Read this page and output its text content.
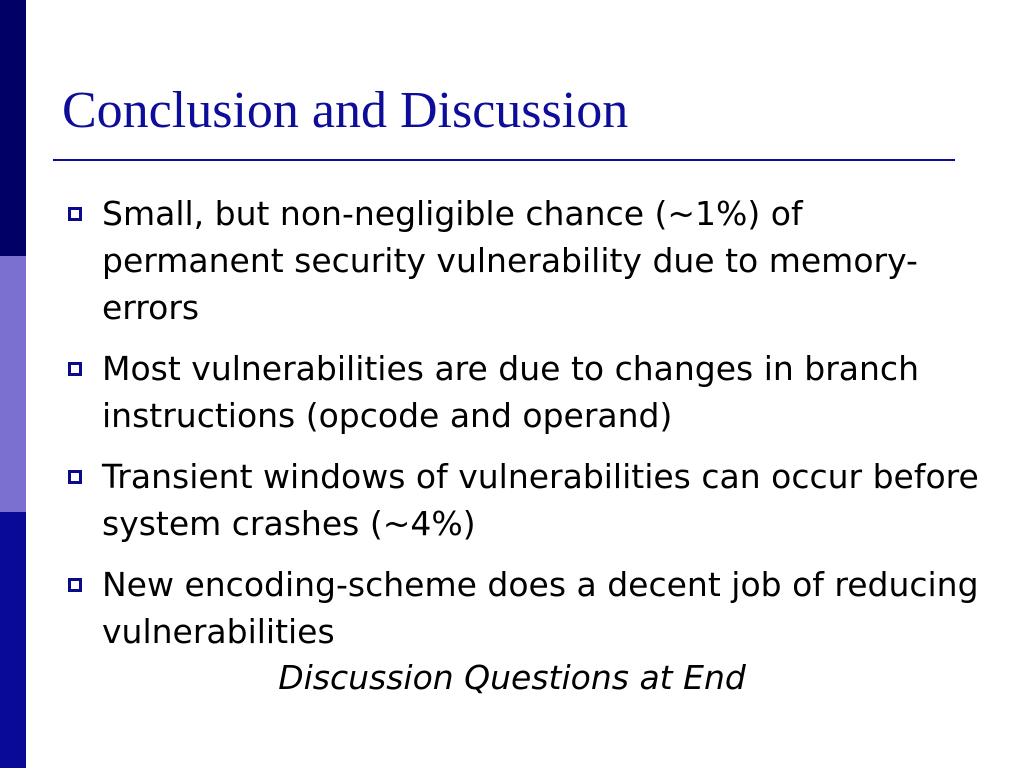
Conclusion and Discussion
Small, but non-negligible chance (~1%) of permanent security vulnerability due to memory-errors
Most vulnerabilities are due to changes in branch instructions (opcode and operand)
Transient windows of vulnerabilities can occur before system crashes (~4%)
New encoding-scheme does a decent job of reducing vulnerabilities
Discussion Questions at End
